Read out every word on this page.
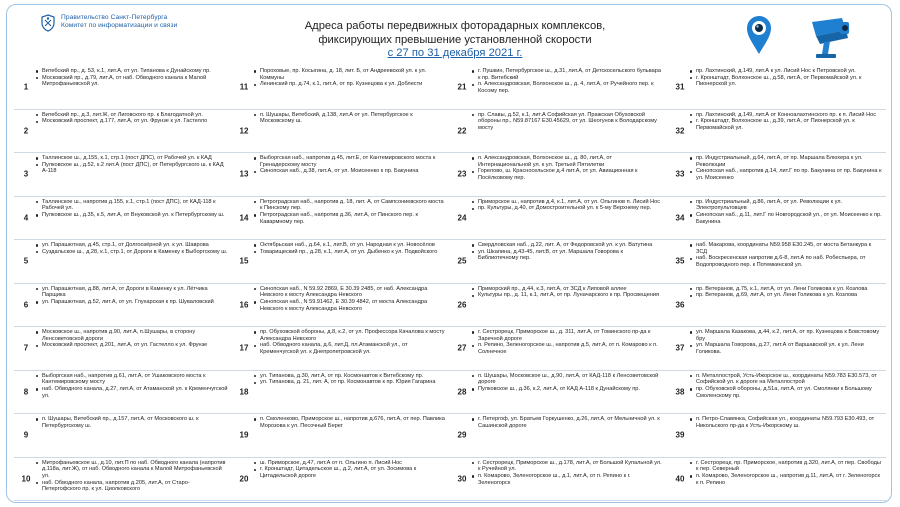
Правительство Санкт-Петербурга
Комитет по информатизации и связи	Адреса работы передвижных фоторадарных комплексов,
фиксирующих превышение установленной скорости
с 27 по 31 декабря 2021 г.
1
Витебский пр., д. 53, к.1, лит.А, от ул. Типанова к Дунайскому пр.
Московский пр., д.79, лит.А, от наб. Обводного канала к Малой Митрофаньевской ул.	11
Пороховые, пр. Косыгина, д. 18, лит. Б, от Андреевской ул. к ул. Коммуны
Ленинский пр. д.74, к.1, лит.А, от пр. Кузнецова к ул. Доблести	21
г. Пушкин, Петербургское ш., д.31, лит.А, от Детскосельского бульвара к пр. Витебский
п. Александровская, Волхонское ш., д. 4, лит.А, от Ручейного пер. к Косому пер.	31
пр. Лахтинский, д.149, лит.А к ул. Лисий Нос к Петровской ул.
г. Кронштадт, Волхонское ш., д.58, лит.А, от Первомайской ул. к Пионерской ул.
2
Витебский пр., д.3, лит.Ж, от Лиговского пр. к Благодатной ул.
Московский проспект, д.177, лит.А, от ул. Фрунзе к ул. Гастелло
12
п. Шушары, Витебский, д.138, лит.А от ул. Петербургское к Московскому ш.
22
пр. Славы, д.52, к.1, лит.А Софийская ул. Пражская Обуховской обороны пр., N59.87167 E30.45629, от ул. Шеогунов к Володарскому мосту	32
пр. Лахтинский, д.149, лит.А от Конноалахтинского пр. к п. Лисий Нос
г. Кронштадт, Волхонское ш., д.39, лит.А, от Пионерской ул. к Первомайской ул.
3
Таллинское ш., д.155, к.1, стр.1 (пост ДПС), от Рабочей ул. к КАД
Пулковское ш., д.52, к.2 лит.А (пост ДПС), от Петербургского ш. к КАД А-118	13
Выборгская наб., напротив д.45, лит.Е, от Кантемировского моста к Гренадерскому мосту
Синопская наб., д.38, лит.А, от ул. Моисеенко к пр. Бакунина	23
п. Александровская, Волхонское ш., д. 80, лит.А, от Интернациональной ул. к ул. Третьей Пятилетки
Горелово, ш. Красносельское д.4 лит.А, от ул. Авиационная к Посёлковому пер.	33
пр. Индустриальный, д.64, лит.А, от пр. Маршала Блюхера к ул. Революции
Синопская наб., напротив д.14, лит.Г по пр. Бакунина от пр. Бакунина к ул. Моисеенко
4
Таллинское ш., напротив д.155, к.1, стр.1 (пост ДПС), от КАД-118 к Рабочей ул.
Пулковское ш., д.35, к.5, лит.А, от Внуковской ул. к Петербургскому ш.	14
Петроградская наб., напротив д. 18, лит. А, от Сампсониевского моста к Пинскому пер.
Петроградская наб., напротив д.36, лит.А, от Пинского пер. к Кавармному пер.	24
Приморское ш., напротив д.4, к.1, лит.А, от ул. Ольгинов п. Лисий Нос
пр. Культуры, д.40, от Домостроительной ул. к 5-му Верхнему пер.
34
пр. Индустриальный, д.86, лит.А, от ул. Революции к ул. Электропультовцев
Синопская наб., д.11, лит.Г по Новгородской ул., от ул. Моисеенко к пр. Бакунина
5
ул. Парашютная, д.45, стр.1, от Долгоозёрной ул. к ул. Шаврова
Суздальское ш., д.28, к.1, стр.1, от Дороги в Каменку к Выборгскому ш.
15
Октябрьская наб., д.64, к.1, лит.В, от ул. Народная к ул. Новосёлов
Товарищеский пр., д.28, к.1, лит.А, от ул. Дыбенко к ул. Подвойского
25
Свердловская наб., д.22, лит. А, от Федоровской ул. к ул. Ватутина
ул. Шкапина, д.43-45, лит.В, от ул. Маршала Говорова к Библиотечному пер.	35
наб. Макарова, координаты N59.958 E30.245, от моста Бетанкура к ЗСД
наб. Воскресенская напротив д.6-8, лит.А по наб. Робеспьера, от Водопроводного пер. к Потемкинской ул.
6
ул. Парашютная, д.88, лит.А, от Дороги в Каменку к ул. Лётчика Парщика
ул. Парашютная, д.52, лит.А, от ул. Глухарская к пр. Шуваловский	16
Синопская наб., N 59.92 2869, E 30.39 2485, от наб. Александра Невского к мосту Александра Невского
Синопская наб., N 59.91462, E 30.39 4842, от моста Александра Невского к мосту Александра Невского	26
Приморский пр., д.44, к.3, лит.А, от ЗСД к Липовой аллее
Культуры пр., д. 11, к.1, лит.А, от пр. Луначарского к пр. Просвещения
36
пр. Ветеранов, д.75, к.1, лит.А, от ул. Лени Голикова к ул. Козлова
пр. Ветеранов, д.69, лит.А, от ул. Лени Голикова к ул. Козлова
7
Московское ш., напротив д.90, лит.А, п.Шушары, в сторону Ленсоветовской дороги
Московский проспект, д.201, лит.А, от ул. Гастелло к ул. Фрунзе	17
пр. Обуховской обороны, д.8, к.2, от ул. Профессора Качалова к мосту Александра Невского
наб. Обводного канала, д.6, лит.Д, пл.Атаманской ул., от Кременчугской ул. к Днепропетровской ул.	27
г. Сестрорецк, Приморское ш., д. 311, лит.А, от Томинского пр-да к Заречной дороге
п. Репино, Зеленогорское ш., напротив д.5, лит.А, от п. Комарово к п. Солнечное	37
ул. Маршала Казакова, д.44, к.2, лит.А, от пр. Кузнецова к Бовстовому бру
ул. Маршала Говорова, д.27, лит.А от Варшавской ул. к ул. Лени Голикова.
8
Выборгская наб., напротив д.61, лит.А, от Ушаковского моста к Кантемировскому мосту
наб. Обводного канала, д.27, лит.А, от Атаманской ул. к Кременчугской ул.	18
ул. Типанова, д.30, лит.А, от пр. Космонавтов к Витебскому пр.
ул. Типанова, д. 21, лит. А, от пр. Космонавтов к пр. Юрия Гагарина
28
п. Шушары, Московское ш., д.90, лит.А, от КАД-118 к Ленсоветовской дороге
Пулковское ш., д.36, к.2, лит.А, от КАД А-118 к Дунайскому пр.	38
п. Металлострой, Усть-Ижорское ш., координаты N59.783 E30.573, от Софийской ул. к дороге на Металлострой
пр. Обуховской обороны, д.51а, лит.А, от ул. Смолянки к Большому Смоленскому пр.
9
п. Шушары, Витебский пр., д.157, лит.А, от Московского ш. к Петербургскому ш.
19
п. Смоленково, Приморское ш., напротив д.676, лит.А, от пер. Павлика Морозова к ул. Песочный Берег
29
г. Петергоф, ул. Братьев Горкушенко, д.26, лит.А, от Мельничной ул. к Сашинской дороге
39
п. Петро-Славянка, Софийская ул., координаты N59.793 E30.493, от Никольского пр-да к Усть-Ижорскому ш.
10
Митрофаньевское ш., д.10, лит.П по наб. Обводного канала (напротив д.118а, лит.Ж), от наб. Обводного канала к Малой Митрофаньевской ул.
наб. Обводного канала, напротив д.205, лит.А, от Старо-Петергофского пр. к ул. Циолковского
20
ш. Приморское, д.47, лит.А от п. Ольгино п. Лисий Нос
г. Кронштадт, Цитадельское ш., д.2, лит.А, от ул. Зосимова к Цитадельской дороге	30
г. Сестрорецк, Приморское ш., д.178, лит.А, от Большой Купальной ул. к Ручейной ул.
п. Комарово, Зеленогорское ш., д.1, лит.А, от п. Репино к г. Зеленогорск	40
г. Сестрорецк, пр. Приморское, напротив д.320, лит.А, от пер. Свободы к пер. Северный
п. Комарово, Зеленогорское ш., напротив д.11, лит.А, от г. Зеленогорск к п. Репино
